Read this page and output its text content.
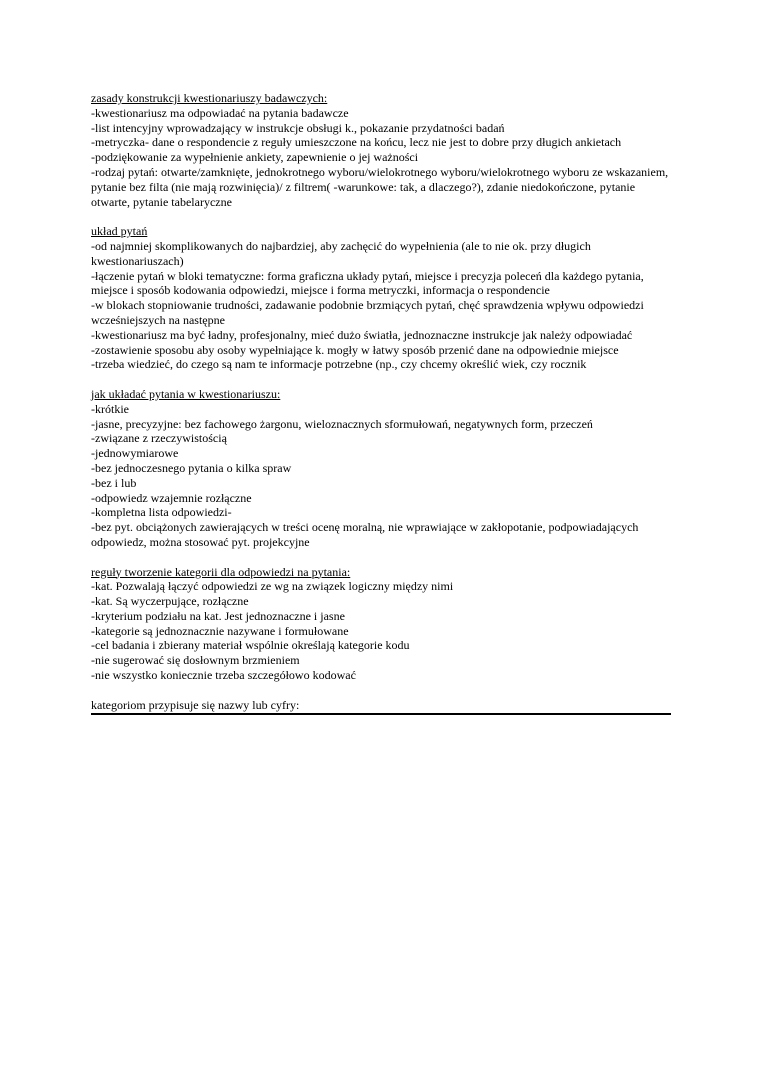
zasady konstrukcji kwestionariuszy badawczych:
-kwestionariusz ma odpowiadać na pytania badawcze
-list intencyjny wprowadzający w instrukcje obsługi k., pokazanie przydatności badań
-metryczka- dane o respondencie z reguły umieszczone na końcu, lecz nie jest to dobre przy długich ankietach
-podziękowanie za wypełnienie ankiety, zapewnienie o jej ważności
-rodzaj pytań: otwarte/zamknięte, jednokrotnego wyboru/wielokrotnego wyboru/wielokrotnego wyboru ze wskazaniem, pytanie bez filta (nie mają rozwinięcia)/ z filtrem( -warunkowe: tak, a dlaczego?), zdanie niedokończone, pytanie otwarte, pytanie tabelaryczne
układ pytań
-od najmniej skomplikowanych do najbardziej, aby zachęcić do wypełnienia (ale to nie ok. przy długich kwestionariuszach)
-łączenie pytań w bloki tematyczne: forma graficzna układy pytań, miejsce i precyzja poleceń dla każdego pytania, miejsce i sposób kodowania odpowiedzi, miejsce i forma metryczki, informacja o respondencie
-w blokach stopniowanie trudności, zadawanie podobnie brzmiących pytań, chęć sprawdzenia wpływu odpowiedzi wcześniejszych na następne
-kwestionariusz ma być ładny, profesjonalny, mieć dużo światła, jednoznaczne instrukcje jak należy odpowiadać
-zostawienie sposobu aby osoby wypełniające k. mogły w łatwy sposób przenić dane na odpowiednie miejsce
-trzeba wiedzieć, do czego są nam te informacje potrzebne (np., czy chcemy określić wiek, czy rocznik
jak układać pytania w kwestionariuszu:
-krótkie
-jasne, precyzyjne: bez fachowego żargonu, wieloznacznych sformułowań, negatywnych form, przeczeń
-związane z rzeczywistością
-jednowymiarowe
-bez jednoczesnego pytania o kilka spraw
-bez i lub
-odpowiedz wzajemnie rozłączne
-kompletna lista odpowiedzi-
-bez pyt. obciążonych zawierających w treści ocenę moralną, nie wprawiające w zakłopotanie, podpowiadających odpowiedz, można stosować pyt. projekcyjne
reguły tworzenie kategorii dla odpowiedzi na pytania:
-kat. Pozwalają łączyć odpowiedzi ze wg na związek logiczny między nimi
-kat. Są wyczerpujące, rozłączne
-kryterium podziału na kat. Jest jednoznaczne i jasne
-kategorie są jednoznacznie nazywane i formułowane
-cel badania i zbierany materiał wspólnie określają kategorie kodu
-nie sugerować się dosłownym brzmieniem
-nie wszystko koniecznie trzeba szczegółowo kodować
kategoriom przypisuje się nazwy lub cyfry:
